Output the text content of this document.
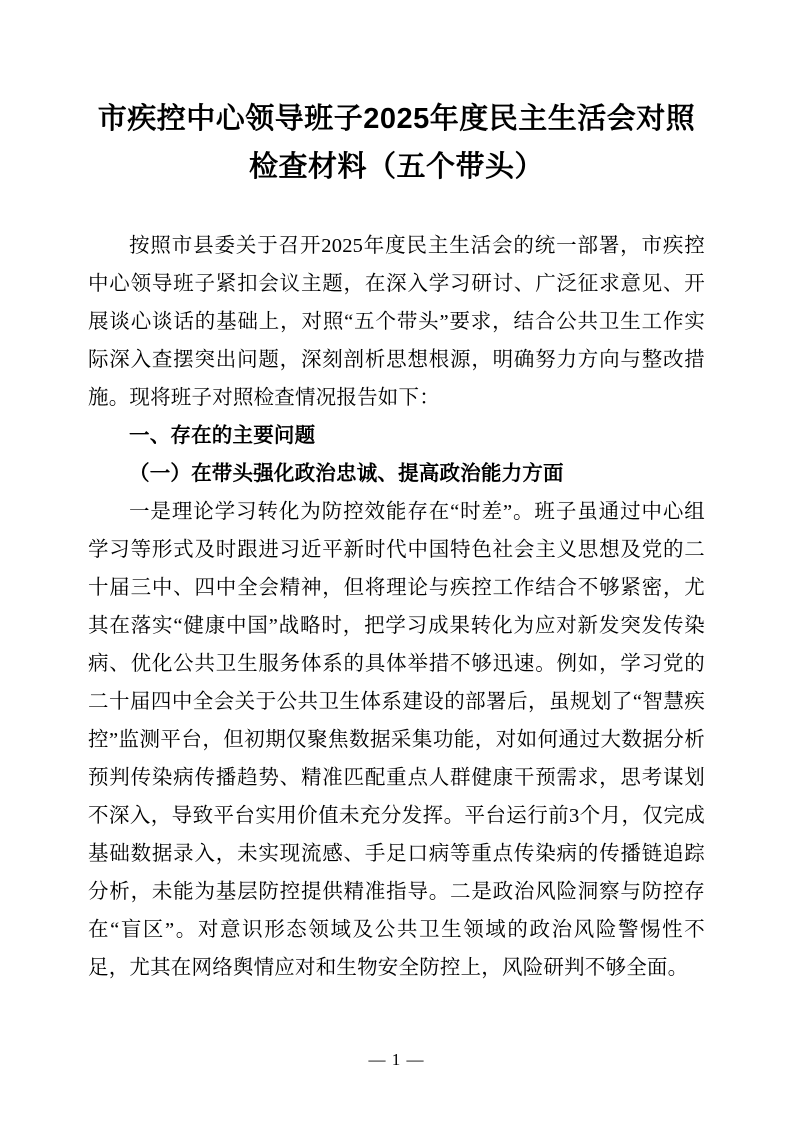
市疾控中心领导班子2025年度民主生活会对照检查材料（五个带头）

按照市县委关于召开2025年度民主生活会的统一部署，市疾控中心领导班子紧扣会议主题，在深入学习研讨、广泛征求意见、开展谈心谈话的基础上，对照“五个带头”要求，结合公共卫生工作实际深入查摆突出问题，深刻剖析思想根源，明确努力方向与整改措施。现将班子对照检查情况报告如下：

一、存在的主要问题

（一）在带头强化政治忠诚、提高政治能力方面

一是理论学习转化为防控效能存在“时差”。班子虽通过中心组学习等形式及时跟进习近平新时代中国特色社会主义思想及党的二十届三中、四中全会精神，但将理论与疾控工作结合不够紧密，尤其在落实“健康中国”战略时，把学习成果转化为应对新发突发传染病、优化公共卫生服务体系的具体举措不够迅速。例如，学习党的二十届四中全会关于公共卫生体系建设的部署后，虽规划了“智慧疾控”监测平台，但初期仅聚焦数据采集功能，对如何通过大数据分析预判传染病传播趋势、精准匹配重点人群健康干预需求，思考谋划不深入，导致平台实用价值未充分发挥。平台运行前3个月，仅完成基础数据录入，未实现流感、手足口病等重点传染病的传播链追踪分析，未能为基层防控提供精准指导。二是政治风险洞察与防控存在“盲区”。对意识形态领域及公共卫生领域的政治风险警惕性不足，尤其在网络舆情应对和生物安全防控上，风险研判不够全面。

— 1 —
